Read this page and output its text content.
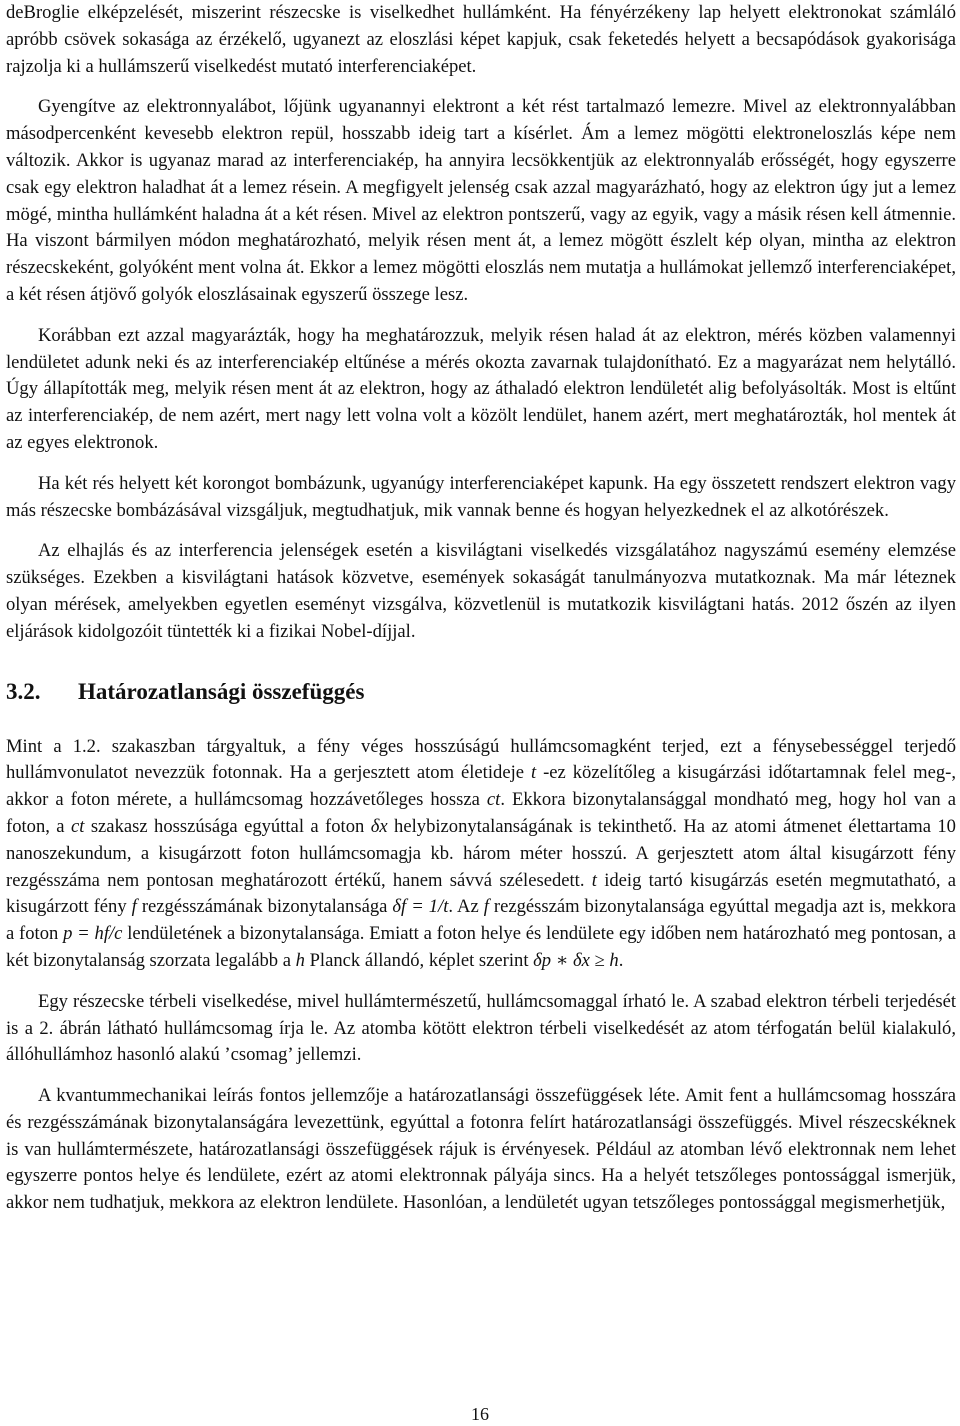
deBroglie elképzelését, miszerint részecske is viselkedhet hullámként. Ha fényérzékeny lap helyett elektronokat számláló apróbb csövek sokasága az érzékelő, ugyanezt az eloszlási képet kapjuk, csak feketedés helyett a becsapódások gyakorisága rajzolja ki a hullámszerű viselkedést mutató interferenciaképet.

Gyengítve az elektronnyalábot, lőjünk ugyanannyi elektront a két rést tartalmazó lemezre. Mivel az elektronnyalábban másodpercenként kevesebb elektron repül, hosszabb ideig tart a kísérlet. Ám a lemez mögötti elektroneloszlás képe nem változik. Akkor is ugyanaz marad az interferenciakép, ha annyira lecsökkentjük az elektronnyaláb erősségét, hogy egyszerre csak egy elektron haladhat át a lemez résein. A megfigyelt jelenség csak azzal magyarázható, hogy az elektron úgy jut a lemez mögé, mintha hullámként haladna át a két résen. Mivel az elektron pontszerű, vagy az egyik, vagy a másik résen kell átmennie. Ha viszont bármilyen módon meghatározható, melyik résen ment át, a lemez mögött észlelt kép olyan, mintha az elektron részecskeként, golyóként ment volna át. Ekkor a lemez mögötti eloszlás nem mutatja a hullámokat jellemző interferenciaképet, a két résen átjövő golyók eloszlásainak egyszerű összege lesz.

Korábban ezt azzal magyarázták, hogy ha meghatározzuk, melyik résen halad át az elektron, mérés közben valamennyi lendületet adunk neki és az interferenciakép eltűnése a mérés okozta zavarnak tulajdonítható. Ez a magyarázat nem helytálló. Úgy állapították meg, melyik résen ment át az elektron, hogy az áthaladó elektron lendületét alig befolyásolták. Most is eltűnt az interferenciakép, de nem azért, mert nagy lett volna volt a közölt lendület, hanem azért, mert meghatározták, hol mentek át az egyes elektronok.

Ha két rés helyett két korongot bombázunk, ugyanúgy interferenciaképet kapunk. Ha egy összetett rendszert elektron vagy más részecske bombázásával vizsgáljuk, megtudhatjuk, mik vannak benne és hogyan helyezkednek el az alkotórészek.

Az elhajlás és az interferencia jelenségek esetén a kisvilágtani viselkedés vizsgálatához nagyszámú esemény elemzése szükséges. Ezekben a kisvilágtani hatások közvetve, események sokaságát tanulmányozva mutatkoznak. Ma már léteznek olyan mérések, amelyekben egyetlen eseményt vizsgálva, közvetlenül is mutatkozik kisvilágtani hatás. 2012 őszén az ilyen eljárások kidolgozóit tüntették ki a fizikai Nobel-díjjal.

3.2. Határozatlansági összefüggés

Mint a 1.2. szakaszban tárgyaltuk, a fény véges hosszúságú hullámcsomagként terjed, ezt a fénysebességgel terjedő hullámvonulatot nevezzük fotonnak. Ha a gerjesztett atom életideje t -ez közelítőleg a kisugárzási időtartamnak felel meg-, akkor a foton mérete, a hullámcsomag hozzávetőleges hossza ct. Ekkora bizonytalansággal mondható meg, hogy hol van a foton, a ct szakasz hosszúsága egyúttal a foton δx helybizonytalanságának is tekinthető. Ha az atomi átmenet élettartama 10 nanoszekundum, a kisugárzott foton hullámcsomagja kb. három méter hosszú. A gerjesztett atom által kisugárzott fény rezgésszáma nem pontosan meghatározott értékű, hanem sávvá szélesedett. t ideig tartó kisugárzás esetén megmutatható, a kisugárzott fény f rezgésszámának bizonytalansága δf = 1/t. Az f rezgésszám bizonytalansága egyúttal megadja azt is, mekkora a foton p = hf/c lendületének a bizonytalansága. Emiatt a foton helye és lendülete egy időben nem határozható meg pontosan, a két bizonytalanság szorzata legalább a h Planck állandó, képlet szerint δp ∗ δx ≥ h.

Egy részecske térbeli viselkedése, mivel hullámtermészetű, hullámcsomaggal írható le. A szabad elektron térbeli terjedését is a 2. ábrán látható hullámcsomag írja le. Az atomba kötött elektron térbeli viselkedését az atom térfogatán belül kialakuló, állóhullámhoz hasonló alakú ’csomag’ jellemzi.

A kvantummechanikai leírás fontos jellemzője a határozatlansági összefüggések léte. Amit fent a hullámcsomag hosszára és rezgésszámának bizonytalanságára levezettünk, egyúttal a fotonra felírt határozatlansági összefüggés. Mivel részecskéknek is van hullámtermészete, határozatlansági összefüggések rájuk is érvényesek. Például az atomban lévő elektronnak nem lehet egyszerre pontos helye és lendülete, ezért az atomi elektronnak pályája sincs. Ha a helyét tetszőleges pontossággal ismerjük, akkor nem tudhatjuk, mekkora az elektron lendülete. Hasonlóan, a lendületét ugyan tetszőleges pontossággal megismerhetjük,

16
